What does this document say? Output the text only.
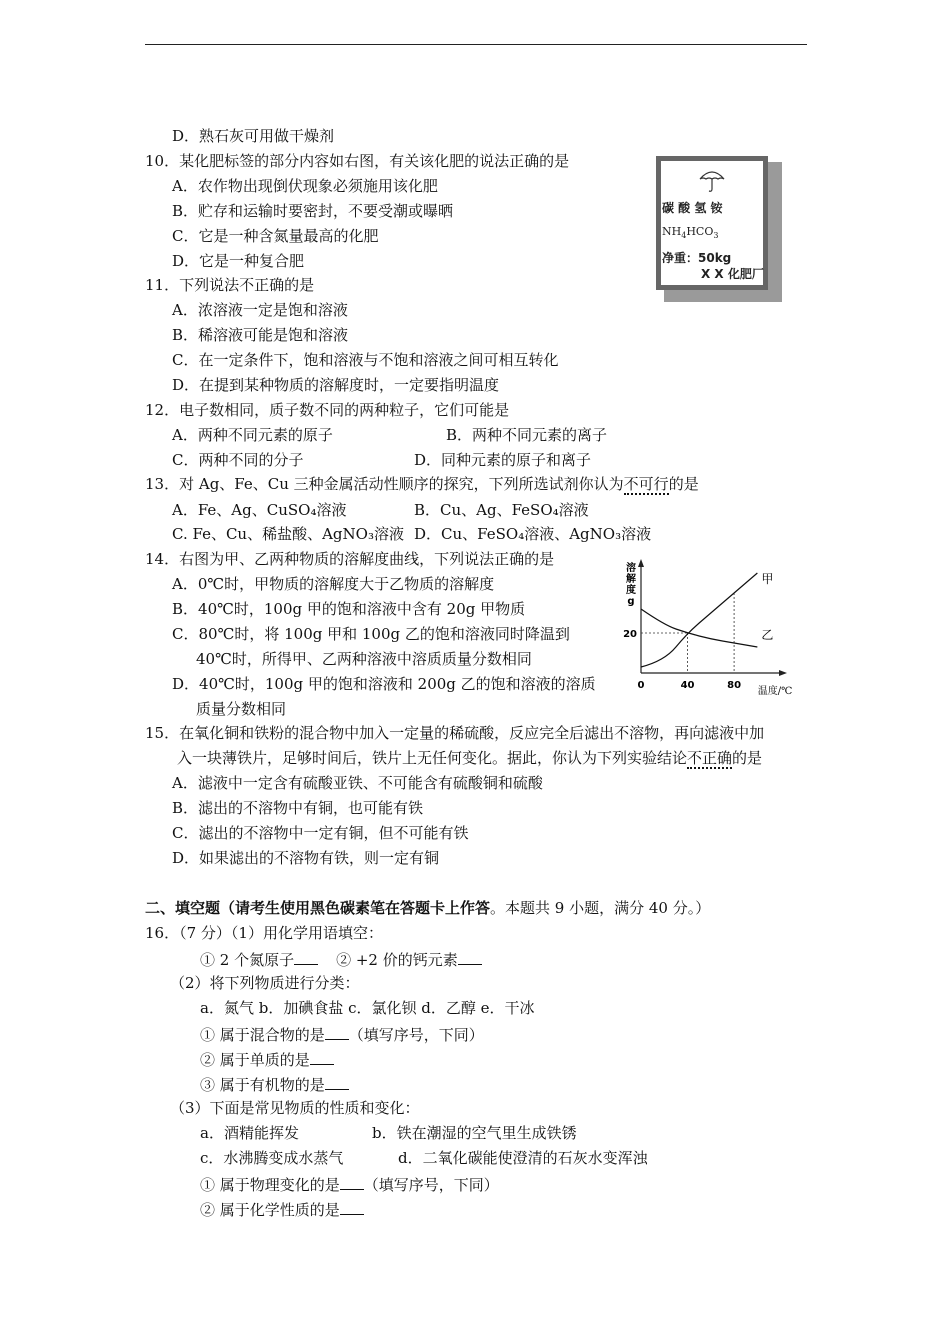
D．熟石灰可用做干燥剂
10．某化肥标签的部分内容如右图，有关该化肥的说法正确的是
A．农作物出现倒伏现象必须施用该化肥
B．贮存和运输时要密封，不要受潮或曝晒
C．它是一种含氮量最高的化肥
D．它是一种复合肥
碳 酸 氢 铵
$NH_4HCO_3$
净重：50kg
X X 化肥厂
11．下列说法不正确的是
A．浓溶液一定是饱和溶液
B．稀溶液可能是饱和溶液
C．在一定条件下，饱和溶液与不饱和溶液之间可相互转化
D．在提到某种物质的溶解度时，一定要指明温度
12．电子数相同，质子数不同的两种粒子，它们可能是
A．两种不同元素的原子	B．两种不同元素的离子
C．两种不同的分子	D．同种元素的原子和离子
13．对 Ag、Fe、Cu 三种金属活动性顺序的探究，下列所选试剂你认为不可行的是
A．Fe、Ag、CuSO₄溶液	B．Cu、Ag、FeSO₄溶液
C. Fe、Cu、稀盐酸、AgNO₃溶液 D．Cu、FeSO₄溶液、AgNO₃溶液
14．右图为甲、乙两种物质的溶解度曲线，下列说法正确的是
A．0℃时，甲物质的溶解度大于乙物质的溶解度
B．40℃时，100g 甲的饱和溶液中含有 20g 甲物质
C．80℃时，将 100g 甲和 100g 乙的饱和溶液同时降温到
40℃时，所得甲、乙两种溶液中溶质质量分数相同
D．40℃时，100g 甲的饱和溶液和 200g 乙的饱和溶液的溶质
质量分数相同
0	40	80
20
甲
乙
溶
解
度
g
温度/℃
15．在氧化铜和铁粉的混合物中加入一定量的稀硫酸，反应完全后滤出不溶物，再向滤液中加
入一块薄铁片，足够时间后，铁片上无任何变化。据此，你认为下列实验结论不正确的是
A．滤液中一定含有硫酸亚铁、不可能含有硫酸铜和硫酸
B．滤出的不溶物中有铜，也可能有铁
C．滤出的不溶物中一定有铜，但不可能有铁
D．如果滤出的不溶物有铁，则一定有铜
二、填空题（请考生使用黑色碳素笔在答题卡上作答。本题共 9 小题，满分 40 分。）
16．（7 分）（1）用化学用语填空：
① 2 个氮原子	② +2 价的钙元素
（2）将下列物质进行分类：
a．氮气 b．加碘食盐 c．氯化钡 d．乙醇 e．干冰
① 属于混合物的是 （填写序号，下同）
② 属于单质的是
③ 属于有机物的是
（3）下面是常见物质的性质和变化：
a．酒精能挥发	b．铁在潮湿的空气里生成铁锈
c．水沸腾变成水蒸气	d．二氧化碳能使澄清的石灰水变浑浊
① 属于物理变化的是 （填写序号，下同）
② 属于化学性质的是
